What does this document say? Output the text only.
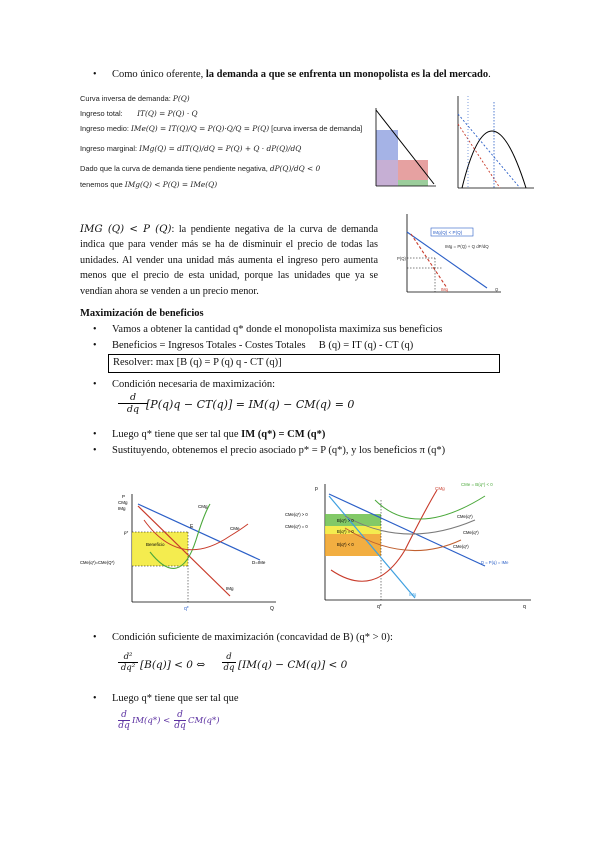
• Como único oferente, la demanda a que se enfrenta un monopolista es la del mercado.
Curva inversa de demanda: P(Q)
Ingreso total: IT(Q) = P(Q) · Q
Ingreso medio: IMe(Q) = IT(Q)/Q = P(Q)·Q/Q = P(Q) [curva inversa de demanda]
Ingreso marginal: IMg(Q) = dIT(Q)/dQ = P(Q) + Q · dP(Q)/dQ
Dado que la curva de demanda tiene pendiente negativa, dP(Q)/dQ < 0
tenemos que IMg(Q) < P(Q) = IMe(Q)
IMG (Q) < P (Q): la pendiente negativa de la curva de demanda indica que para vender más se ha de disminuir el precio de todas las unidades. Al vender una unidad más aumenta el ingreso pero aumenta menos que el precio de esta unidad, porque las unidades que ya se vendían ahora se venden a un precio menor.
IMg(Q) < P(Q)
IMg = P(Q) + Q dP/dQ
P(Q)
IMg	Q
Maximización de beneficios
• Vamos a obtener la cantidad q* donde el monopolista maximiza sus beneficios
• Beneficios = Ingresos Totales - Costes Totales     B (q) = IT (q) - CT (q)
Resolver: max [B (q) = P (q) q - CT (q)]
• Condición necesaria de maximización:
$\frac{d}{dq}$
[P(q)q − CT(q)] = IM(q) − CM(q) = 0
• Luego q* tiene que ser tal que IM (q*) = CM (q*)
• Sustituyendo, obtenemos el precio asociado p* = P (q*), y los beneficios π (q*)
P
CMg
IMg
p*
E
CMg
CMe
Beneficio
CMe(q*)=CMe(Q*)	D=IMe
IMg
q*	Q
p	CMg
CMe = B(q*) < 0
CMe(q*) > 0
CMe(q*) = 0
B(q*) > 0
B(q*) = 0
B(q*) < 0
CMe(q*)
CMe(q*)
CMe(q*)
D = P(q) = IMe
IMg
q*	q
• Condición suficiente de maximización (concavidad de B) (q* > 0):
$\frac{\text{d²}}{\text{dq²}} [B(q)] < 0$ ⇔ $\frac{d}{dq} [IM(q) - CM(q)] < 0$
• Luego q* tiene que ser tal que
d
dq IM(q*) <
d
dq CM(q*)
